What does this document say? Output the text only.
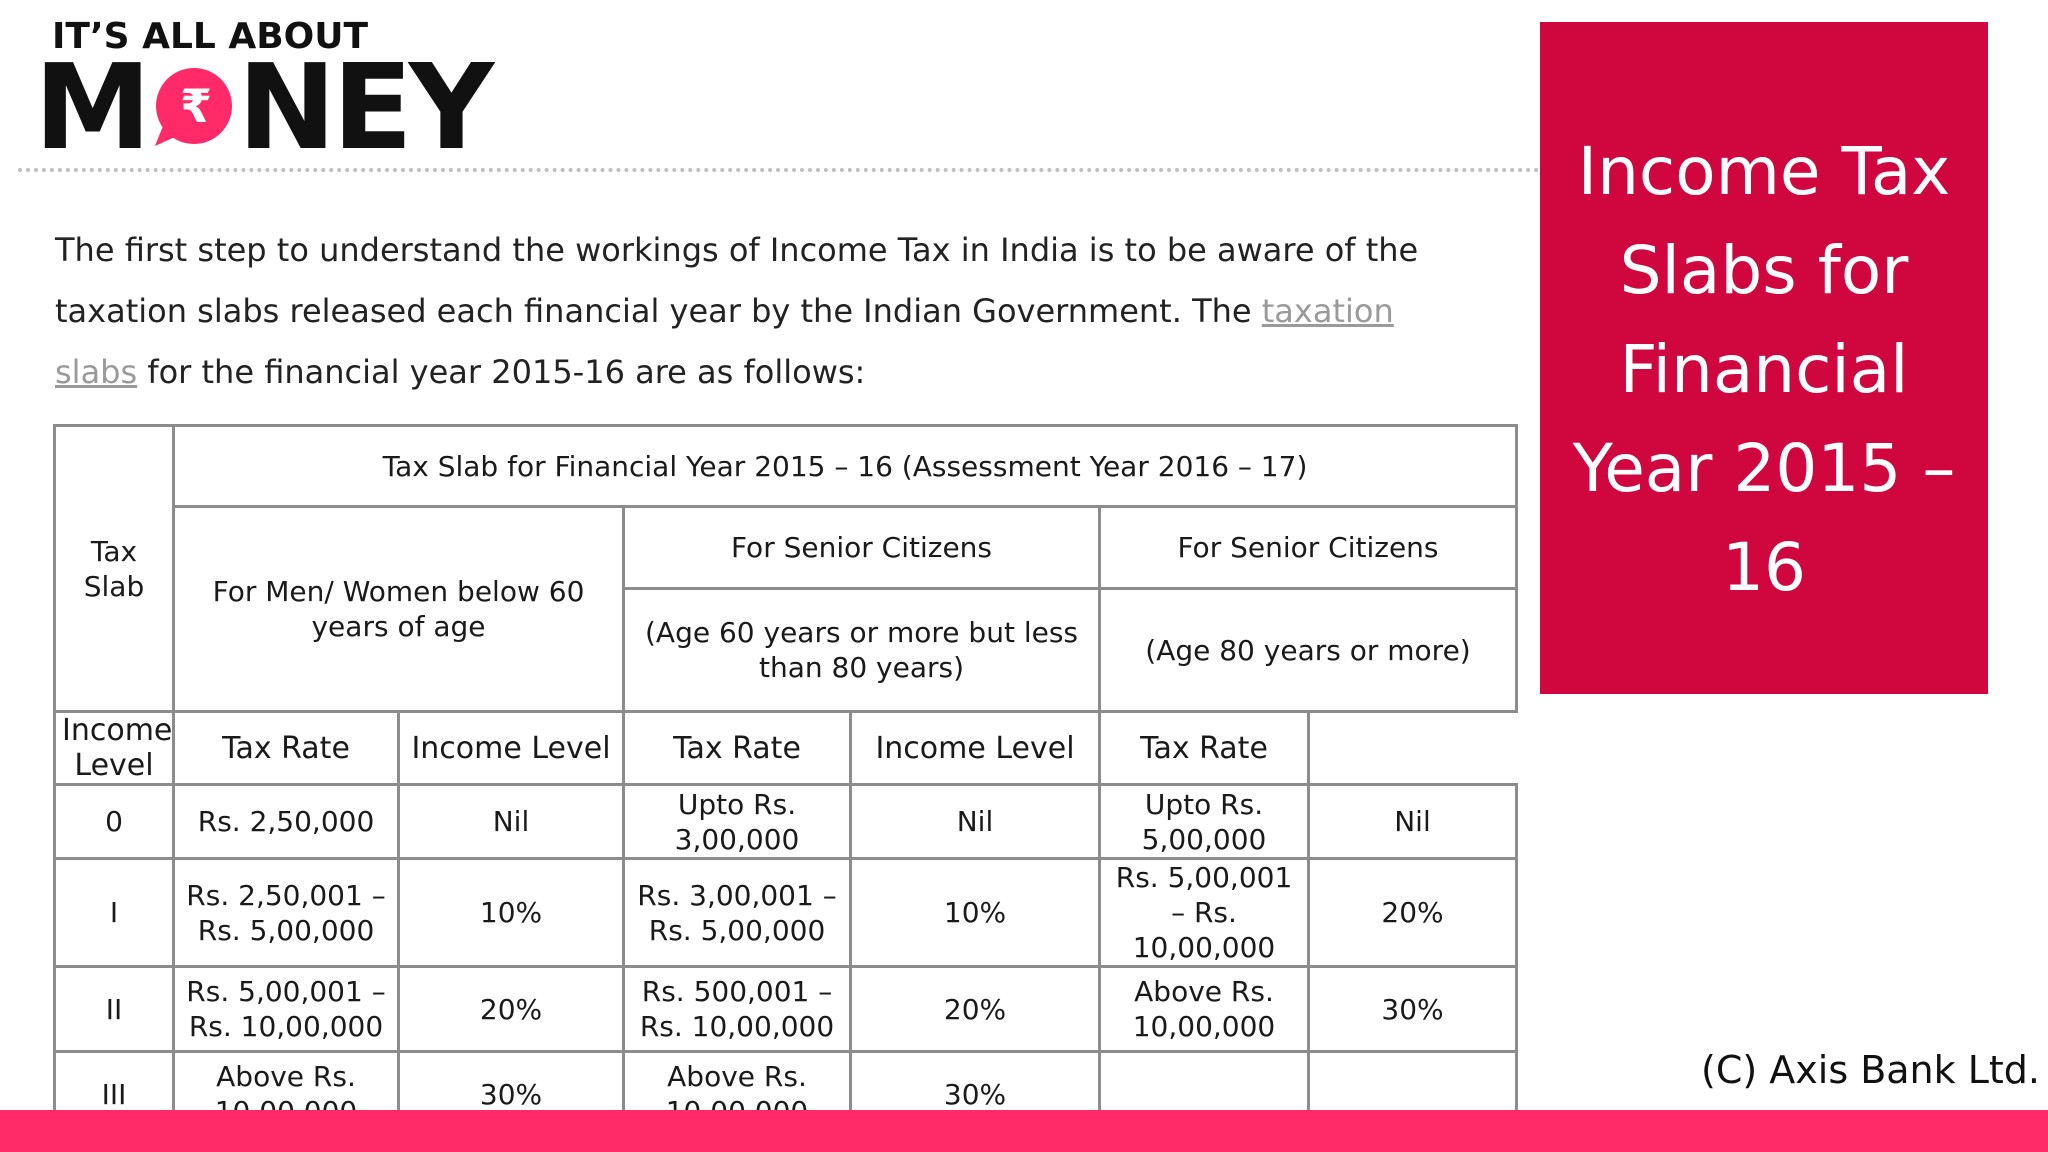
IT’S ALL ABOUT
M ₹ NEY
The first step to understand the workings of Income Tax in India is to be aware of the taxation slabs released each financial year by the Indian Government. The taxation slabs for the financial year 2015-16 are as follows:
Tax Slab	Tax Slab for Financial Year 2015 – 16 (Assessment Year 2016 – 17)					
	For Men/ Women below 60 years of age		For Senior Citizens		For Senior Citizens	
			(Age 60 years or more but less than 80 years)		(Age 80 years or more)	
Income Level	Tax Rate	Income Level	Tax Rate	Income Level	Tax Rate	
0	Rs. 2,50,000	Nil	Upto Rs. 3,00,000	Nil	Upto Rs. 5,00,000	Nil
I	Rs. 2,50,001 – Rs. 5,00,000	10%	Rs. 3,00,001 – Rs. 5,00,000	10%	Rs. 5,00,001 – Rs. 10,00,000	20%
II	Rs. 5,00,001 – Rs. 10,00,000	20%	Rs. 500,001 – Rs. 10,00,000	20%	Above Rs. 10,00,000	30%
III	Above Rs.	30%	Above Rs.	30%		
Income Tax Slabs for Financial Year 2015 – 16
(C) Axis Bank Ltd.
